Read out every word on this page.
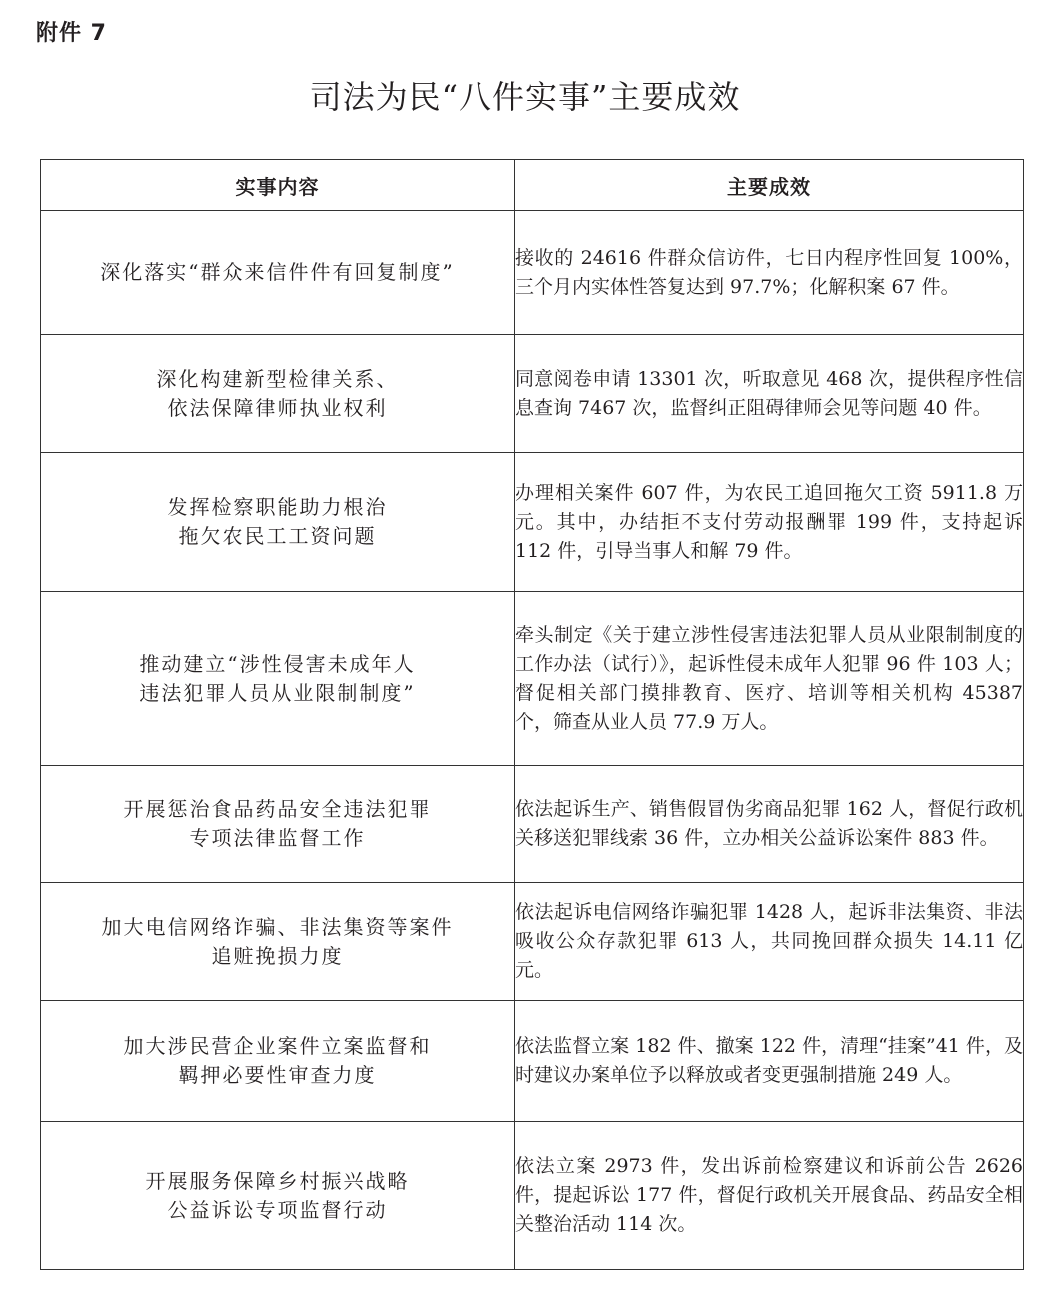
附件 7
司法为民“八件实事”主要成效
实事内容	主要成效

深化落实“群众来信件件有回复制度”	接收的 24616 件群众信访件，七日内程序性回复 100%，三个月内实体性答复达到 97.7%；化解积案 67 件。

深化构建新型检律关系、
依法保障律师执业权利	同意阅卷申请 13301 次，听取意见 468 次，提供程序性信息查询 7467 次，监督纠正阻碍律师会见等问题 40 件。

发挥检察职能助力根治
拖欠农民工工资问题	办理相关案件 607 件，为农民工追回拖欠工资 5911.8 万元。其中，办结拒不支付劳动报酬罪 199 件，支持起诉 112 件，引导当事人和解 79 件。

推动建立“涉性侵害未成年人
违法犯罪人员从业限制制度”	牵头制定《关于建立涉性侵害违法犯罪人员从业限制制度的工作办法（试行）》，起诉性侵未成年人犯罪 96 件 103 人；督促相关部门摸排教育、医疗、培训等相关机构 45387 个，筛查从业人员 77.9 万人。

开展惩治食品药品安全违法犯罪
专项法律监督工作	依法起诉生产、销售假冒伪劣商品犯罪 162 人，督促行政机关移送犯罪线索 36 件，立办相关公益诉讼案件 883 件。

加大电信网络诈骗、非法集资等案件
追赃挽损力度	依法起诉电信网络诈骗犯罪 1428 人，起诉非法集资、非法吸收公众存款犯罪 613 人，共同挽回群众损失 14.11 亿元。

加大涉民营企业案件立案监督和
羁押必要性审查力度	依法监督立案 182 件、撤案 122 件，清理“挂案”41 件，及时建议办案单位予以释放或者变更强制措施 249 人。

开展服务保障乡村振兴战略
公益诉讼专项监督行动	依法立案 2973 件，发出诉前检察建议和诉前公告 2626 件，提起诉讼 177 件，督促行政机关开展食品、药品安全相关整治活动 114 次。
